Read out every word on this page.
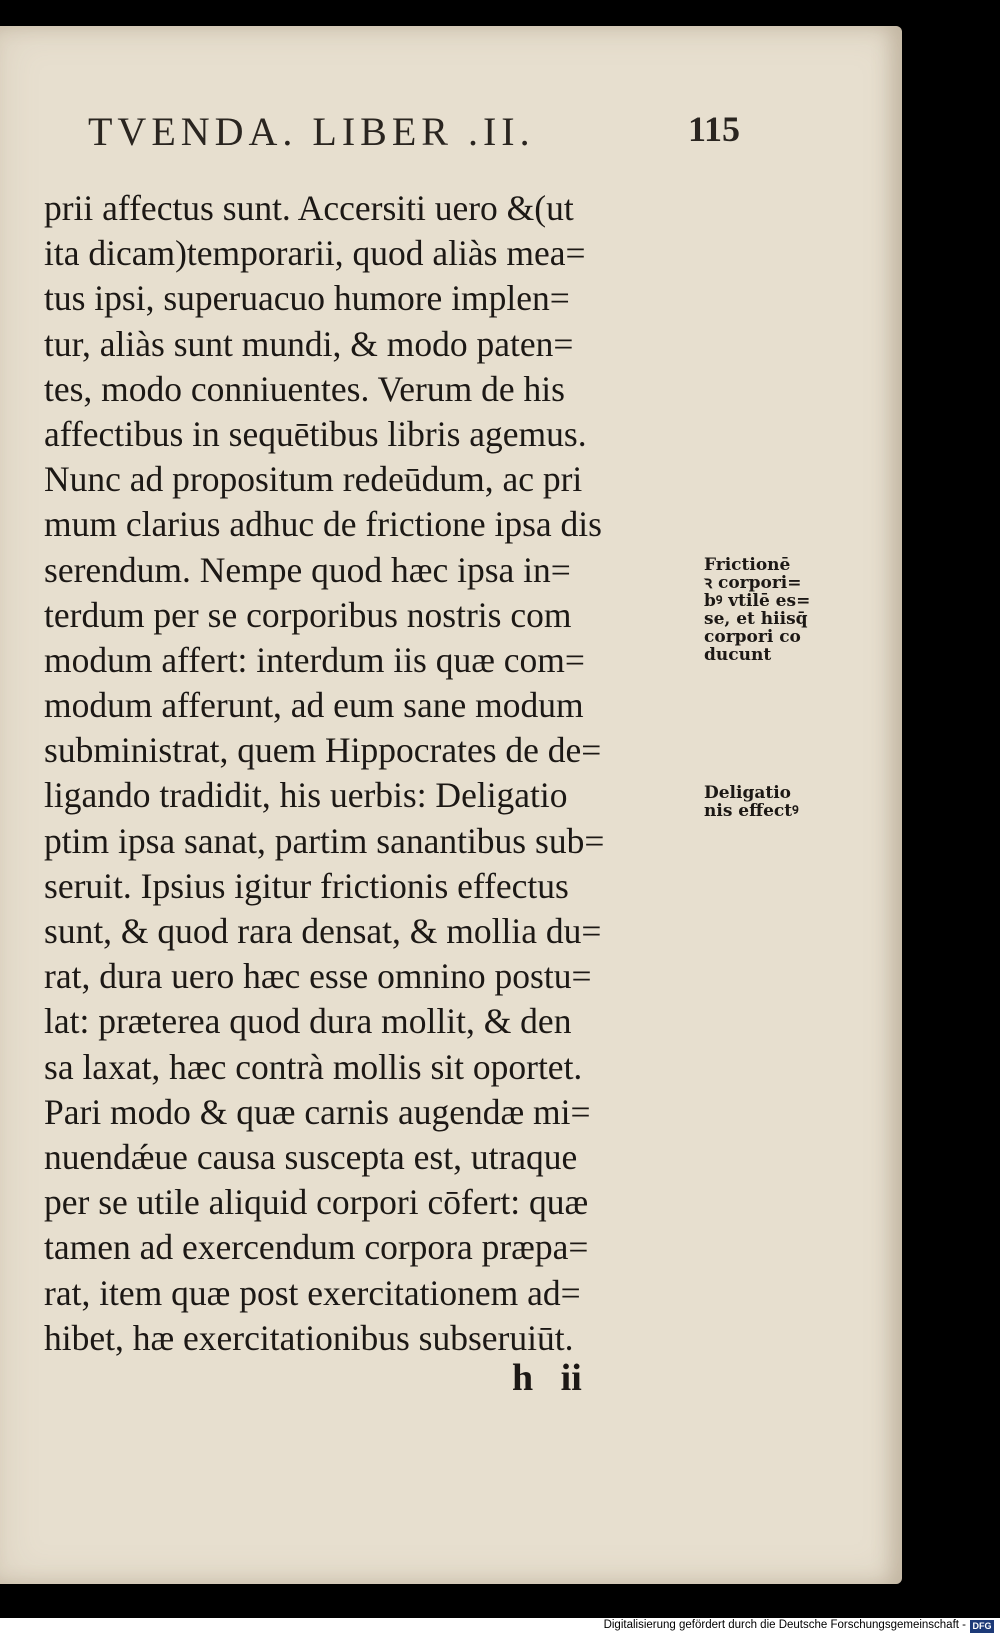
TVENDA. LIBER .II.	115
prii affectus sunt. Accersiti uero &(ut
ita dicam)temporarii, quod aliàs mea=
tus ipsi, superuacuo humore implen=
tur, aliàs sunt mundi, & modo paten=
tes, modo conniuentes. Verum de his
affectibus in sequētibus libris agemus.
Nunc ad propositum redeūdum, ac pri
mum clarius adhuc de frictione ipsa dis
serendum. Nempe quod hæc ipsa in=
terdum per se corporibus nostris com
modum affert: interdum iis quæ com=
modum afferunt, ad eum sane modum
subministrat, quem Hippocrates de de=
ligando tradidit, his uerbis: Deligatio
ptim ipsa sanat, partim sanantibus sub=
seruit. Ipsius igitur frictionis effectus
sunt, & quod rara densat, & mollia du=
rat, dura uero hæc esse omnino postu=
lat: præterea quod dura mollit, & den
sa laxat, hæc contrà mollis sit oportet.
Pari modo & quæ carnis augendæ mi=
nuendǽue causa suscepta est, utraque
per se utile aliquid corpori cōfert: quæ
tamen ad exercendum corpora præpa=
rat, item quæ post exercitationem ad=
hibet, hæ exercitationibus subseruiūt.
Frictionē
ꝛ corpori=
bꝰ vtilē es=
se, et hiisq̄
corpori co
ducunt
Deligatio
nis effectꝰ
h ii
Digitalisierung gefördert durch die Deutsche Forschungsgemeinschaft - DFG
